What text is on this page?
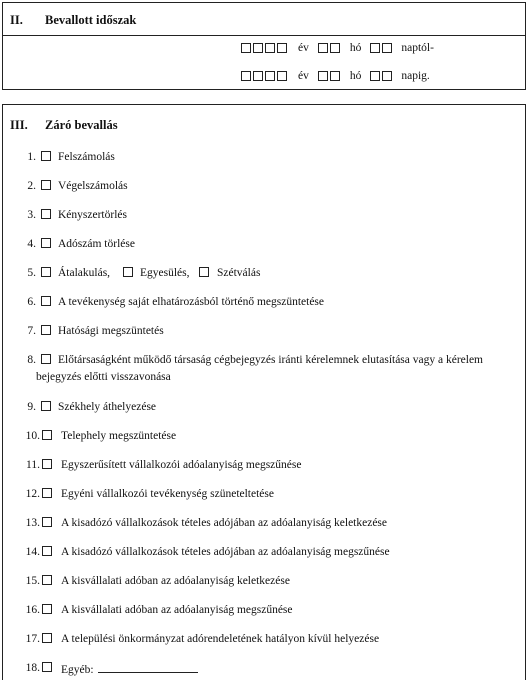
II. Bevallott időszak
év	hó	naptól-
év	hó	napig.
III. Záró bevallás
1. Felszámolás
2. Végelszámolás
3. Kényszertörlés
4. Adószám törlése
5. Átalakulás,	Egyesülés, Szétválás
6. A tevékenység saját elhatározásból történő megszüntetése
7. Hatósági megszüntetés
8.	Előtársaságként működő társaság cégbejegyzés iránti kérelemnek elutasítása vagy a kérelem bejegyzés előtti visszavonása
9. Székhely áthelyezése
10. Telephely megszüntetése
11. Egyszerűsített vállalkozói adóalanyiság megszűnése
12. Egyéni vállalkozói tevékenység szüneteltetése
13. A kisadózó vállalkozások tételes adójában az adóalanyiság keletkezése
14. A kisadózó vállalkozások tételes adójában az adóalanyiság megszűnése
15. A kisvállalati adóban az adóalanyiság keletkezése
16. A kisvállalati adóban az adóalanyiság megszűnése
17. A települési önkormányzat adórendeletének hatályon kívül helyezése
18. Egyéb:
